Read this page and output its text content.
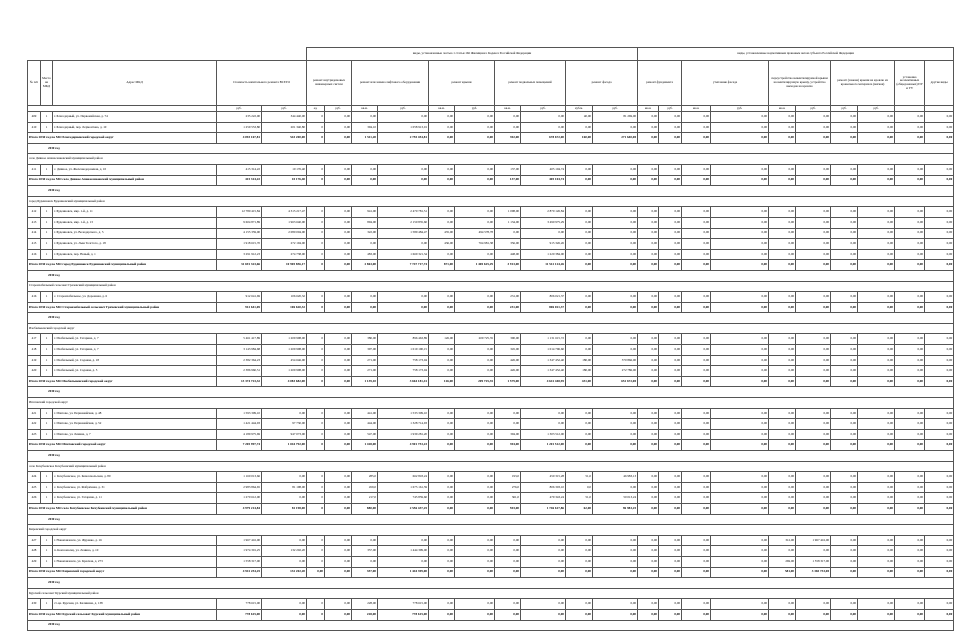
					виды, установленные частью 1 статьи 166 Жилищного Кодекса Российской Федерации										виды, установленные нормативным правовым актом субъекта Российской Федерации									
№ п/п	Место на МКД	Адрес МКД	Стоимость капитального ремонта ВСЕГО		ремонт внутридомовых инженерных систем		ремонт или замена лифтового оборудования		ремонт крыши		ремонт подвальных помещений		ремонт фасада		ремонт фундамента		утепление фасада		переустройство невентилируемой крыши на вентилируемую крышу, устройство выходов на кровлю		ремонт (замена) крыши на кровлю из кровельного материала (мягкая)		установка коллективных (общедомовых) ПУ и УУ	другие виды
			руб.	руб.	ед.	руб.	кв.м.	руб.	кв.м.	руб.	кв.м.	руб.	куб.м.	руб.	кв.м.	руб.	кв.м.	руб.	кв.м.	руб.	руб.	руб.		
409	1	г. Благодарный, ул. Первомайская, д. 74	235 222,00	344 440,00	0	0,00	0,00	0,00	0,00	0,00	0,00	0,00	40,00	81 269,00	0,00	0,00	0,00	0,00	0,00	0,00	0,00	0,00	0,00	0,00
410	1	г. Благодарный, пер. Лермонтова, д. 10	1 259 553,80	201 340,80	0	0,00	394,10	1 058 913,01	0,00	0,00	0,00	0,00	0,00	0,00	0,00	0,00	0,00	0,00	0,00	0,00	0,00	0,00	0,00	0,00
Итого 2030 год по МО Благодарненский городской округ			4 093 167,81	543 200,00	0	0,00	1 511,20	2 755 454,81	0,00	0,00	392,00	678 672,00	160,00	271 640,00	0,00	0,00	0,00	0,00	0,00	0,00	0,00	0,00	0,00	0,00
2030 год																								
село Дивное Апанасенковский муниципальный район																								
411	1	с. Дивное, ул. Железнодорожная, д. 10	415 314,22	10 176,40	0	0,00	0,00	0,00	0,00	0,00	137,00	405 104,74	0,00	0,00	0,00	0,00	0,00	0,00	0,00	0,00	0,00	0,00	0,00	0,00
Итого 2030 год по МО село Дивное Апанасенковский муниципальный район			415 314,22	10 176,40	0	0,00	0,00	0,00	0,00	0,00	137,00	405 104,74	0,00	0,00	0,00	0,00	0,00	0,00	0,00	0,00	0,00	0,00	0,00	0,00
2030 год																								
город Буденновск Буденновский муниципальный район																								
412	1	г. Буденновск, мкр. 1-й, д. 11	12 780 415,84	4 315 217,47	0	0,00	941,00	2 470 781,51	0,00	0,00	1 098,00	2 870 126,84	0,00	0,00	0,00	0,00	0,00	0,00	0,00	0,00	0,00	0,00	0,00	0,00
413	1	г. Буденновск, мкр. 1-й, д. 13	9 604 871,89	1 963 640,00	0	0,00	894,00	2 150 835,60	0,00	0,00	1 134,00	3 490 975,29	0,00	0,00	0,00	0,00	0,00	0,00	0,00	0,00	0,00	0,00	0,00	0,00
414	1	г. Буденновск, ул. Володарского, д. 5	4 155 359,00	2 080 004,00	0	0,00	322,00	1 589 484,47	435,00	494 578,78	0,00	0,00	0,00	0,00	0,00	0,00	0,00	0,00	0,00	0,00	0,00	0,00	0,00	0,00
415	1	г. Буденновск, ул. Льва Толстого, д. 18	1 918 615,70	272 194,00	0	0,00	0,00	0,00	436,00	764 981,38	356,00	915 326,26	0,00	0,00	0,00	0,00	0,00	0,00	0,00	0,00	0,00	0,00	0,00	0,00
416	1	г. Буденновск, пер. Новый, д. 1	3 291 912,23	274 738,00	0	0,00	483,00	1 669 321,34	0,00	0,00	448,00	1 220 384,00	0,00	0,00	0,00	0,00	0,00	0,00	0,00	0,00	0,00	0,00	0,00	0,00
Итого 2030 год по МО город Буденновск Буденновский муниципальный район			31 691 323,66	10 905 856,17	0	0,00	2 863,00	7 747 717,74	871,00	1 469 625,29	3 913,00	11 512 124,26	0,00	0,00	0,00	0,00	0,00	0,00	0,00	0,00	0,00	0,00	0,00	0,00
2030 год																								
Староизобильный сельсовет Грачевский муниципальный район																								
416	1	с. Староизобильное, ул. Дорожная, д. 6	912 641,69	106 620,32	0	0,00	0,00	0,00	0,00	0,00	231,00	806 021,37	0,00	0,00	0,00	0,00	0,00	0,00	0,00	0,00	0,00	0,00	0,00	0,00
Итого 2030 год по МО Староизобильный сельсовет Грачевский муниципальный район			912 641,69	106 620,32	0	0,00	0,00	0,00	0,00	0,00	231,00	806 021,37	0,00	0,00	0,00	0,00	0,00	0,00	0,00	0,00	0,00	0,00	0,00	0,00
2030 год																								
Изобильненский городской округ																								
417	1	г. Изобильный, ул. Гагарина, д. 7	5 461 417,89	1 209 998,00	0	0,00	380,00	896 463,89	126,00	209 725,35	390,00	1 131 615,72	0,00	0,00	0,00	0,00	0,00	0,00	0,00	0,00	0,00	0,00	0,00	0,00
418	1	г. Изобильный, ул. Гагарина, д. 7	3 143 984,68	1 209 998,00	0	0,00	397,00	1 019 190,15	0,00	0,00	345,00	1 014 796,60	0,00	0,00	0,00	0,00	0,00	0,00	0,00	0,00	0,00	0,00	0,00	0,00
419	1	г. Изобильный, ул. Садовая, д. 18	2 382 364,23	454 646,00	0	0,00	271,00	758 173,04	0,00	0,00	426,00	1 347 452,40	180,00	370 866,00	0,00	0,00	0,00	0,00	0,00	0,00	0,00	0,00	0,00	0,00
420	1	г. Изобильный, ул. Садовая, д. 5	2 386 960,51	1 209 998,00	0	0,00	271,00	758 173,04	0,00	0,00	426,00	1 347 452,40	180,00	272 786,00	0,00	0,00	0,00	0,00	0,00	0,00	0,00	0,00	0,00	0,00
Итого 2030 год по МО Изобильненский городской округ			13 374 723,32	4 083 682,00	0	0,00	1 139,10	3 664 181,41	126,00	209 725,35	1 579,00	4 641 448,95	431,00	651 672,00	0,00	0,00	0,00	0,00	0,00	0,00	0,00	0,00	0,00	0,00
2030 год																								
Ипатовский городской округ																								
421	1	г. Ипатово, ул. Первомайская, д. 48	1 593 309,10	0,00	0	0,00	441,00	1 533 309,10	0,00	0,00	0,00	0,00	0,00	0,00	0,00	0,00	0,00	0,00	0,00	0,00	0,00	0,00	0,00	0,00
422	1	г. Ипатово, ул. Первомайская, д. 52	1 421 444,93	97 730,00	0	0,00	444,00	1 328 714,93	0,00	0,00	0,00	0,00	0,00	0,00	0,00	0,00	0,00	0,00	0,00	0,00	0,00	0,00	0,00	0,00
423	1	г. Ипатово, ул. Ленина, д. 7	4 189 975,69	947 073,00	0	0,00	547,00	1 939 281,20	0,00	0,00	394,00	1 303 512,00	0,00	0,00	0,00	0,00	0,00	0,00	0,00	0,00	0,00	0,00	0,00	0,00
Итого 2030 год по МО Ипатовский городской округ			7 205 997,74	1 044 792,00	0	0,00	1 428,00	4 901 753,23	0,00	0,00	394,00	1 201 512,00	0,00	0,00	0,00	0,00	0,00	0,00	0,00	0,00	0,00	0,00	0,00	0,00
2030 год																								
село Кочубеевское Кочубеевский муниципальный район																								
424	1	с. Кочубеевское, ул. Комсомольская, д. 80	1 160 013,66	0,00	0	0,00	285,0	662 818,24	0,00	0,00	193,0	450 315,28	51,0	46 983,13	0,00	0,00	0,00	0,00	0,00	0,00	0,00	0,00	0,00	0,00
425	1	с. Кочубеевское, ул. Фабричная, д. 31	2 983 864,65	81 198,00	0	0,00	459,0	1 675 161,59	0,00	0,00	276,0	806 303,10	0,0	0,00	0,00	0,00	0,00	0,00	0,00	0,00	0,00	0,00	0,00	0,00
426	1	с. Кочубеевское, ул. Гагарина, д. 11	1 270 612,00	0,00	0	0,00	217,0	745 859,60	0,00	0,00	361,0	479 343,24	51,0	50 013,24	0,00	0,00	0,00	0,00	0,00	0,00	0,00	0,00	0,00	0,00
Итого 2030 год по МО село Кочубеевское Кочубеевский муниципальный район			4 979 214,84	81 198,00	0	0,00	880,00	2 556 437,25	0,00	0,00	593,00	1 746 617,86	62,00	96 983,25	0,00	0,00	0,00	0,00	0,00	0,00	0,00	0,00	0,00	0,00
2030 год																								
Кировский городской округ																								
427	1	г. Новопавловск, ул. Журавко, д. 16	1 967 416,00	0,00	0	0,00	0,00	0,00	0,00	0,00	0,00	0,00	0,00	0,00	0,00	0,00	0,00	0,00	312,00	1 967 416,00	0,00	0,00	0,00	0,00
428	1	п. Комсомолец, ул. Ленина, д. 10	1 974 301,25	132 202,20	0	0,00	357,00	1 444 399,00	0,00	0,00	0,00	0,00	0,00	0,00	0,00	0,00	0,00	0,00	0,00	0,00	0,00	0,00	0,00	0,00
429	1	г. Новопавловск, ул. Красная, д. 273	1 558 317,00	0,00	0	0,00	0,00	0,00	0,00	0,00	0,00	0,00	0,00	0,00	0,00	0,00	0,00	0,00	269,00	1 558 317,00	0,00	0,00	0,00	0,00
Итого 2030 год по МО Кировский городской округ			4 941 254,25	132 202,20	0,00	0,00	357,00	1 444 399,00	0,00	0,00	0,00	0,00	0,00	0,00	0,00	0,00	0,00	0,00	581,00	3 365 733,00	0,00	0,00	0,00	0,00
2030 год																								
Курский сельсовет Курский муниципальный район																								
430	1	ст-ца. Курская, ул. Калинина, д. 138	778 615,00	0,00	0	0,00	228,00	778 615,00	0,00	0,00	0,00	0,00	0,00	0,00	0,00	0,00	0,00	0,00	0,00	0,00	0,00	0,00	0,00	0,00
Итого 2030 год по МО Курский сельсовет Курский муниципальный район			778 615,00	0,00	0	0,00	228,00	778 615,00	0,00	0,00	0,00	0,00	0,00	0,00	0,00	0,00	0,00	0,00	0,00	0,00	0,00	0,00	0,00	0,00
2030 год																								
